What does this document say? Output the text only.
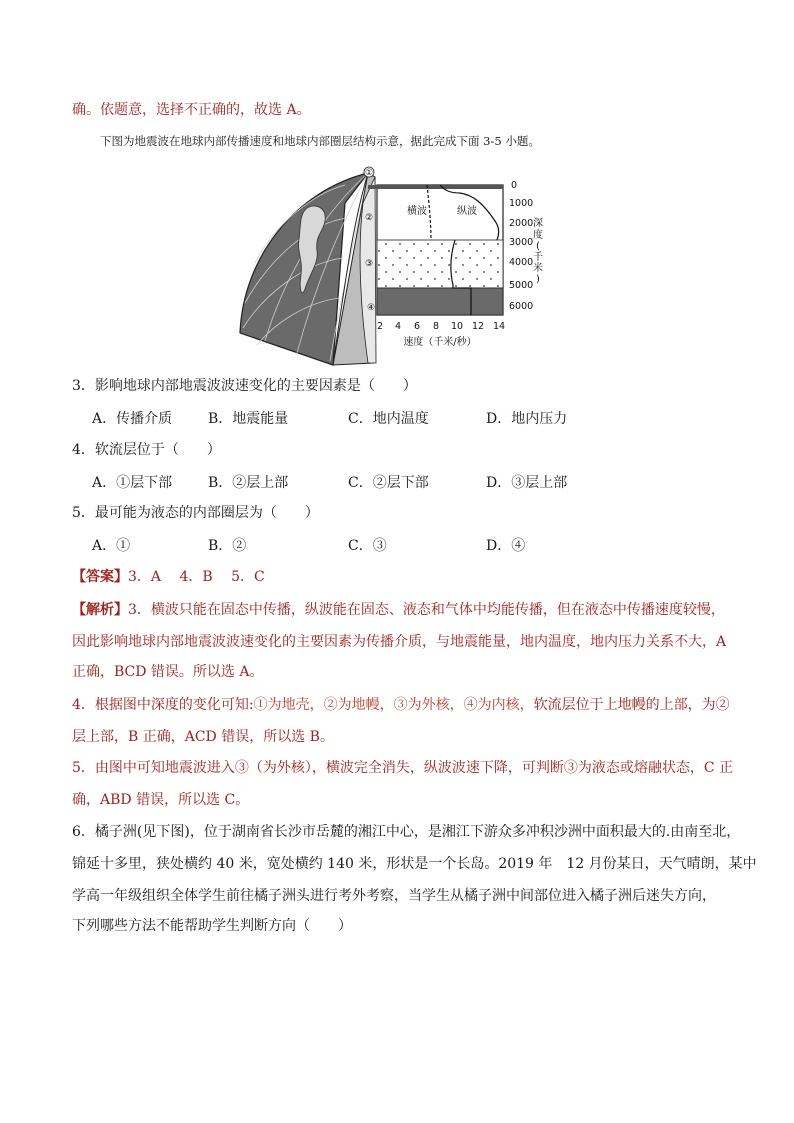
确。依题意，选择不正确的，故选 A。
下图为地震波在地球内部传播速度和地球内部圈层结构示意，据此完成下面 3-5 小题。
①
②
③
④
横波	纵波
0
1000
2000
3000
4000
5000
6000
深
度
(
千
米
)
2 4 6 8 10 12 14
速度（千米/秒）
3．影响地球内部地震波波速变化的主要因素是（　　）
A．传播介质	B．地震能量	C．地内温度	D．地内压力
4．软流层位于（　　）
A．①层下部	B．②层上部	C．②层下部	D．③层上部
5．最可能为液态的内部圈层为（　　）
A．①	B．②	C．③	D．④
【答案】3．A　 4．B　 5．C
【解析】3．横波只能在固态中传播，纵波能在固态、液态和气体中均能传播，但在液态中传播速度较慢，
因此影响地球内部地震波波速变化的主要因素为传播介质，与地震能量，地内温度，地内压力关系不大，A
正确，BCD 错误。所以选 A。
4．根据图中深度的变化可知:①为地壳，②为地幔，③为外核，④为内核，软流层位于上地幔的上部，为②
层上部，B 正确，ACD 错误，所以选 B。
5．由图中可知地震波进入③（为外核），横波完全消失，纵波波速下降，可判断③为液态或熔融状态，C 正
确，ABD 错误，所以选 C。
6．橘子洲(见下图)，位于湖南省长沙市岳麓的湘江中心，是湘江下游众多冲积沙洲中面积最大的.由南至北，
锦延十多里，狭处横约 40 米，宽处横约 140 米，形状是一个长岛。2019 年　12 月份某日，天气晴朗，某中
学高一年级组织全体学生前往橘子洲头进行考外考察，当学生从橘子洲中间部位进入橘子洲后迷失方向，
下列哪些方法不能帮助学生判断方向（　　）
